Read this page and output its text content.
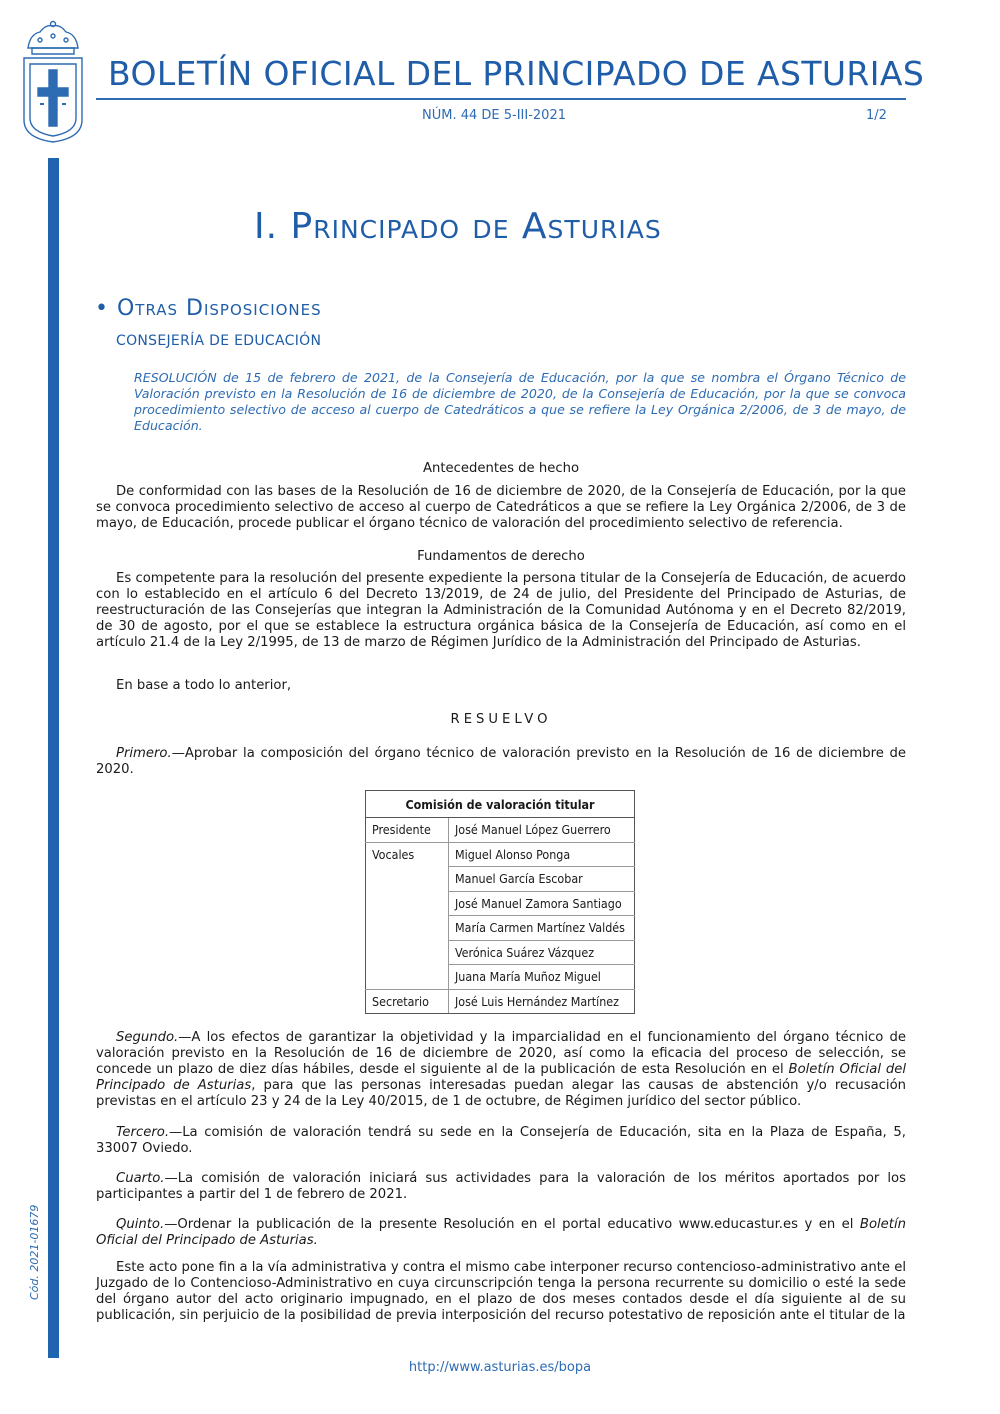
BOLETÍN OFICIAL DEL PRINCIPADO DE ASTURIAS
NÚM. 44 DE 5-III-2021	1/2
Cód. 2021-01679
I. Principado de Asturias
• Otras Disposiciones
CONSEJERÍA DE EDUCACIÓN
RESOLUCIÓN de 15 de febrero de 2021, de la Consejería de Educación, por la que se nombra el Órgano Técnico de Valoración previsto en la Resolución de 16 de diciembre de 2020, de la Consejería de Educación, por la que se convoca procedimiento selectivo de acceso al cuerpo de Catedráticos a que se refiere la Ley Orgánica 2/2006, de 3 de mayo, de Educación.
Antecedentes de hecho

De conformidad con las bases de la Resolución de 16 de diciembre de 2020, de la Consejería de Educación, por la que se convoca procedimiento selectivo de acceso al cuerpo de Catedráticos a que se refiere la Ley Orgánica 2/2006, de 3 de mayo, de Educación, procede publicar el órgano técnico de valoración del procedimiento selectivo de referencia.

Fundamentos de derecho

Es competente para la resolución del presente expediente la persona titular de la Consejería de Educación, de acuerdo con lo establecido en el artículo 6 del Decreto 13/2019, de 24 de julio, del Presidente del Principado de Asturias, de reestructuración de las Consejerías que integran la Administración de la Comunidad Autónoma y en el Decreto 82/2019, de 30 de agosto, por el que se establece la estructura orgánica básica de la Consejería de Educación, así como en el artículo 21.4 de la Ley 2/1995, de 13 de marzo de Régimen Jurídico de la Administración del Principado de Asturias.

En base a todo lo anterior,

RESUELVO

Primero.—Aprobar la composición del órgano técnico de valoración previsto en la Resolución de 16 de diciembre de 2020.

Comisión de valoración titular	
Presidente	José Manuel López Guerrero
Vocales	Miguel Alonso Ponga
	Manuel García Escobar
	José Manuel Zamora Santiago
	María Carmen Martínez Valdés
	Verónica Suárez Vázquez
	Juana María Muñoz Miguel
Secretario	José Luis Hernández Martínez

Segundo.—A los efectos de garantizar la objetividad y la imparcialidad en el funcionamiento del órgano técnico de valoración previsto en la Resolución de 16 de diciembre de 2020, así como la eficacia del proceso de selección, se concede un plazo de diez días hábiles, desde el siguiente al de la publicación de esta Resolución en el Boletín Oficial del Principado de Asturias, para que las personas interesadas puedan alegar las causas de abstención y/o recusación previstas en el artículo 23 y 24 de la Ley 40/2015, de 1 de octubre, de Régimen jurídico del sector público.

Tercero.—La comisión de valoración tendrá su sede en la Consejería de Educación, sita en la Plaza de España, 5, 33007 Oviedo.

Cuarto.—La comisión de valoración iniciará sus actividades para la valoración de los méritos aportados por los participantes a partir del 1 de febrero de 2021.

Quinto.—Ordenar la publicación de la presente Resolución en el portal educativo www.educastur.es y en el Boletín Oficial del Principado de Asturias.

Este acto pone fin a la vía administrativa y contra el mismo cabe interponer recurso contencioso-administrativo ante el Juzgado de lo Contencioso-Administrativo en cuya circunscripción tenga la persona recurrente su domicilio o esté la sede del órgano autor del acto originario impugnado, en el plazo de dos meses contados desde el día siguiente al de su publicación, sin perjuicio de la posibilidad de previa interposición del recurso potestativo de reposición ante el titular de la

http://www.asturias.es/bopa
